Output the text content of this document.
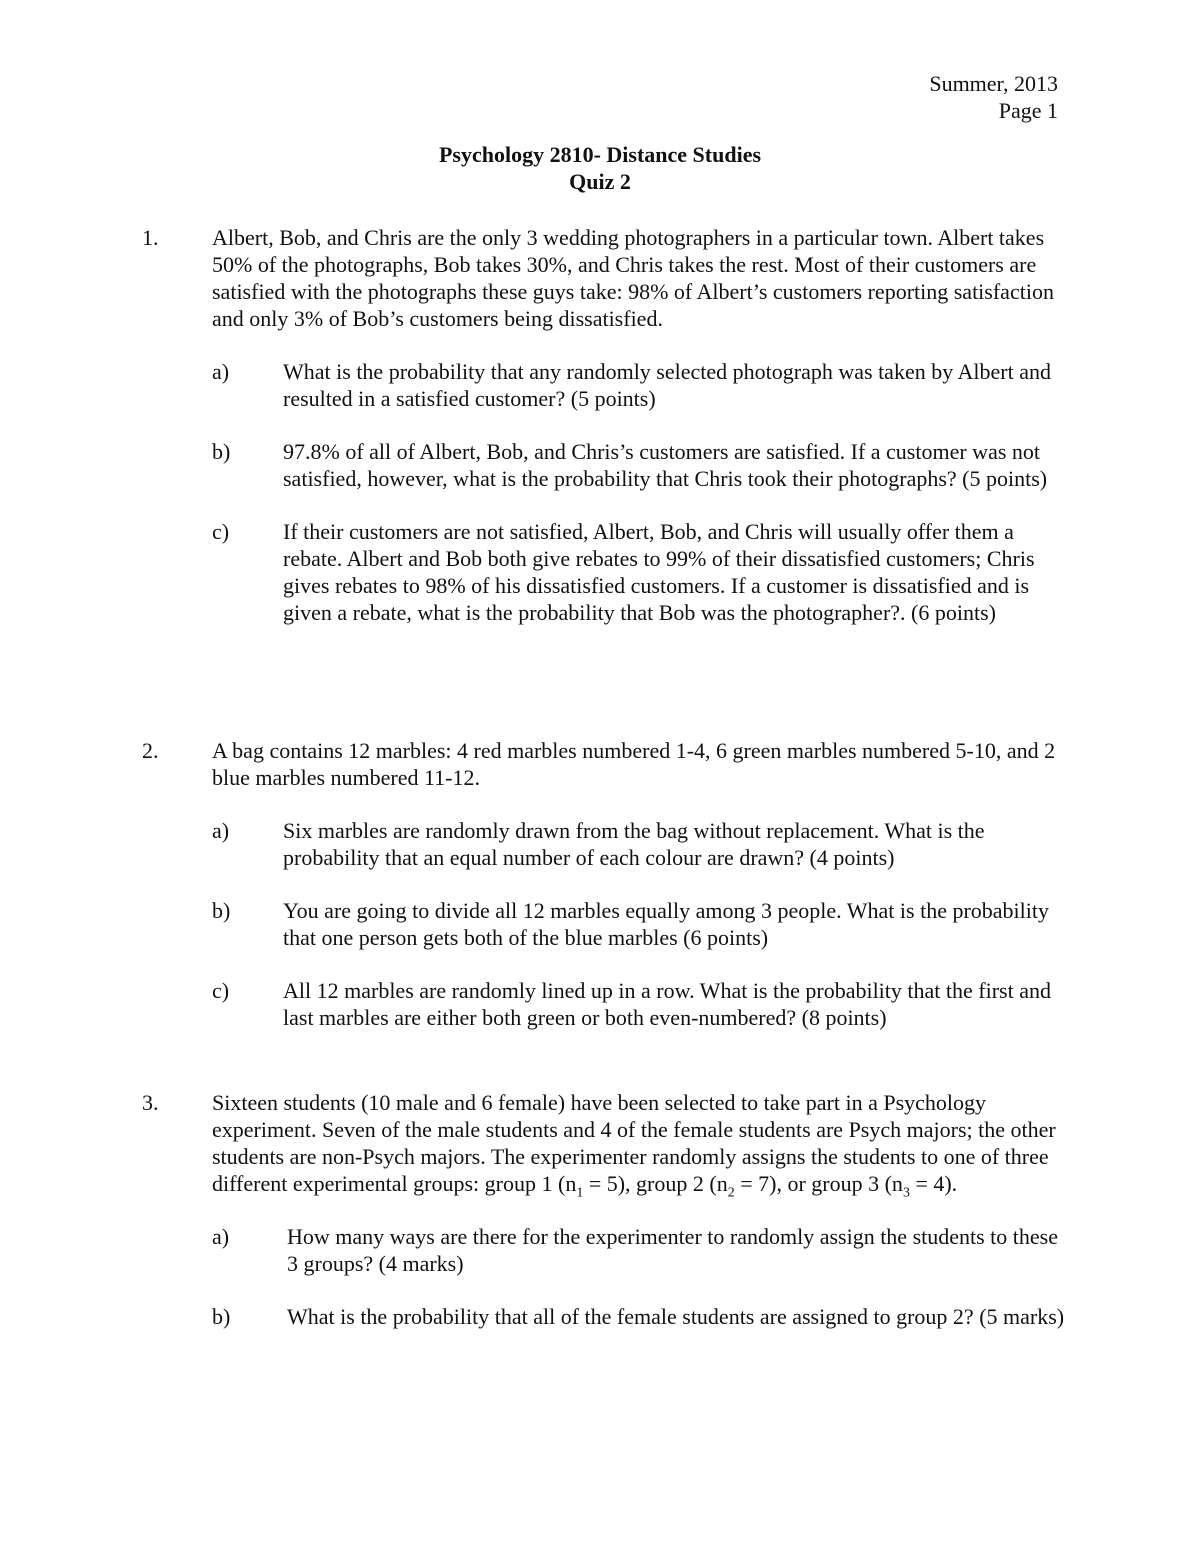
Summer, 2013
Page 1
Psychology 2810- Distance Studies
Quiz 2
1. Albert, Bob, and Chris are the only 3 wedding photographers in a particular town. Albert takes 50% of the photographs, Bob takes 30%, and Chris takes the rest. Most of their customers are satisfied with the photographs these guys take: 98% of Albert’s customers reporting satisfaction and only 3% of Bob’s customers being dissatisfied.
a) What is the probability that any randomly selected photograph was taken by Albert and resulted in a satisfied customer? (5 points)
b) 97.8% of all of Albert, Bob, and Chris’s customers are satisfied. If a customer was not satisfied, however, what is the probability that Chris took their photographs? (5 points)
c) If their customers are not satisfied, Albert, Bob, and Chris will usually offer them a rebate. Albert and Bob both give rebates to 99% of their dissatisfied customers; Chris gives rebates to 98% of his dissatisfied customers. If a customer is dissatisfied and is given a rebate, what is the probability that Bob was the photographer?. (6 points)
2. A bag contains 12 marbles: 4 red marbles numbered 1-4, 6 green marbles numbered 5-10, and 2 blue marbles numbered 11-12.
a) Six marbles are randomly drawn from the bag without replacement. What is the probability that an equal number of each colour are drawn? (4 points)
b) You are going to divide all 12 marbles equally among 3 people. What is the probability that one person gets both of the blue marbles (6 points)
c) All 12 marbles are randomly lined up in a row. What is the probability that the first and last marbles are either both green or both even-numbered? (8 points)
3. Sixteen students (10 male and 6 female) have been selected to take part in a Psychology experiment. Seven of the male students and 4 of the female students are Psych majors; the other students are non-Psych majors. The experimenter randomly assigns the students to one of three different experimental groups: group 1 $(n_1 = 5)$, group 2 $(n_2 = 7)$, or group 3 $(n_3 = 4)$.
a)	How many ways are there for the experimenter to randomly assign the students to these 3 groups? (4 marks)
b)	What is the probability that all of the female students are assigned to group 2? (5 marks)
